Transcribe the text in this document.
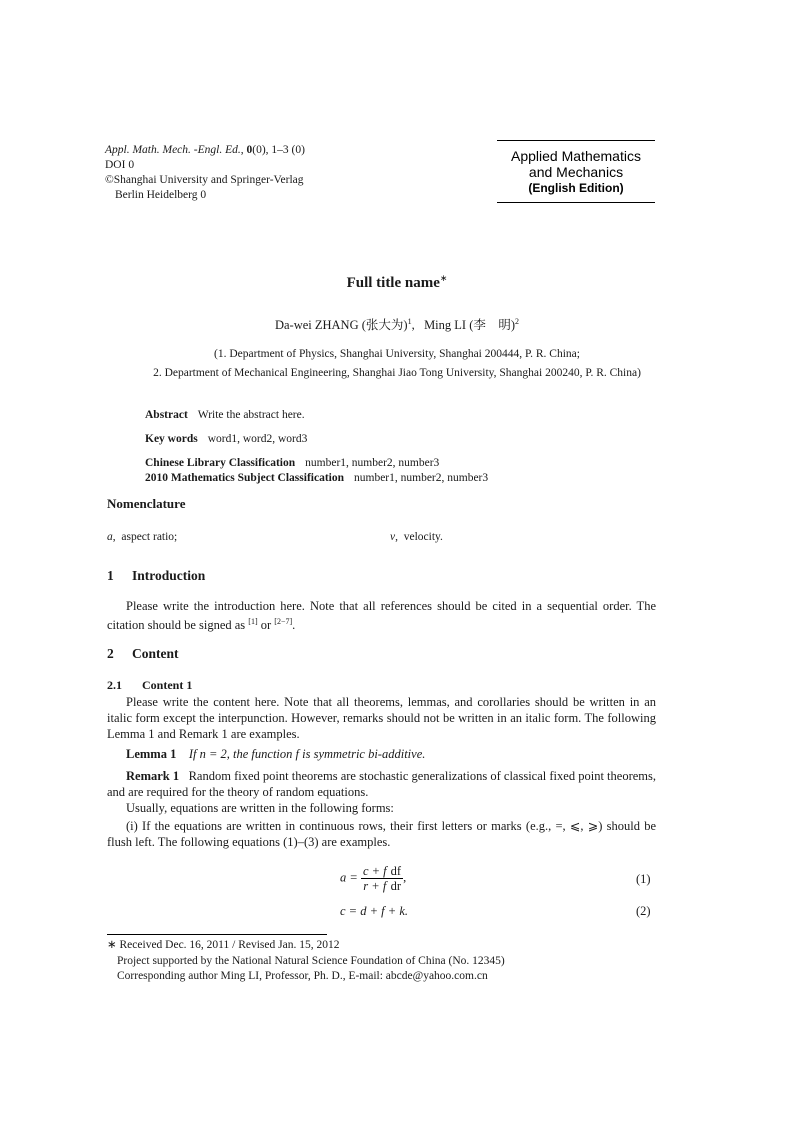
Appl. Math. Mech. -Engl. Ed., 0(0), 1–3 (0)
DOI 0
©Shanghai University and Springer-Verlag
Berlin Heidelberg 0
Applied Mathematics
and Mechanics
(English Edition)
Full title name∗
Da-wei ZHANG (张大为)$^1$,   Ming LI (李　明)$^2$
(1. Department of Physics, Shanghai University, Shanghai 200444, P. R. China;
2. Department of Mechanical Engineering, Shanghai Jiao Tong University, Shanghai 200240, P. R. China)
Abstract Write the abstract here.
Key words word1, word2, word3
Chinese Library Classification number1, number2, number3
2010 Mathematics Subject Classification number1, number2, number3
Nomenclature
a,  aspect ratio;	v,  velocity.
1 Introduction
Please write the introduction here. Note that all references should be cited in a sequential order. The citation should be signed as [1] or [2−7].
2 Content
2.1 Content 1
Please write the content here. Note that all theorems, lemmas, and corollaries should be written in an italic form except the interpunction. However, remarks should not be written in an italic form. The following Lemma 1 and Remark 1 are examples.
Lemma 1 If n = 2, the function f is symmetric bi-additive.
Remark 1 Random fixed point theorems are stochastic generalizations of classical fixed point theorems, and are required for the theory of random equations.
Usually, equations are written in the following forms:
(i) If the equations are written in continuous rows, their first letters or marks (e.g., =, ⩽, ⩾) should be flush left. The following equations (1)–(3) are examples.
$a = \frac{c + f}{r + f} \frac{df}{dr}$ ,	(1)
c = d + f + k.	(2)
∗ Received Dec. 16, 2011 / Revised Jan. 15, 2012
Project supported by the National Natural Science Foundation of China (No. 12345)
Corresponding author Ming LI, Professor, Ph. D., E-mail: abcde@yahoo.com.cn
